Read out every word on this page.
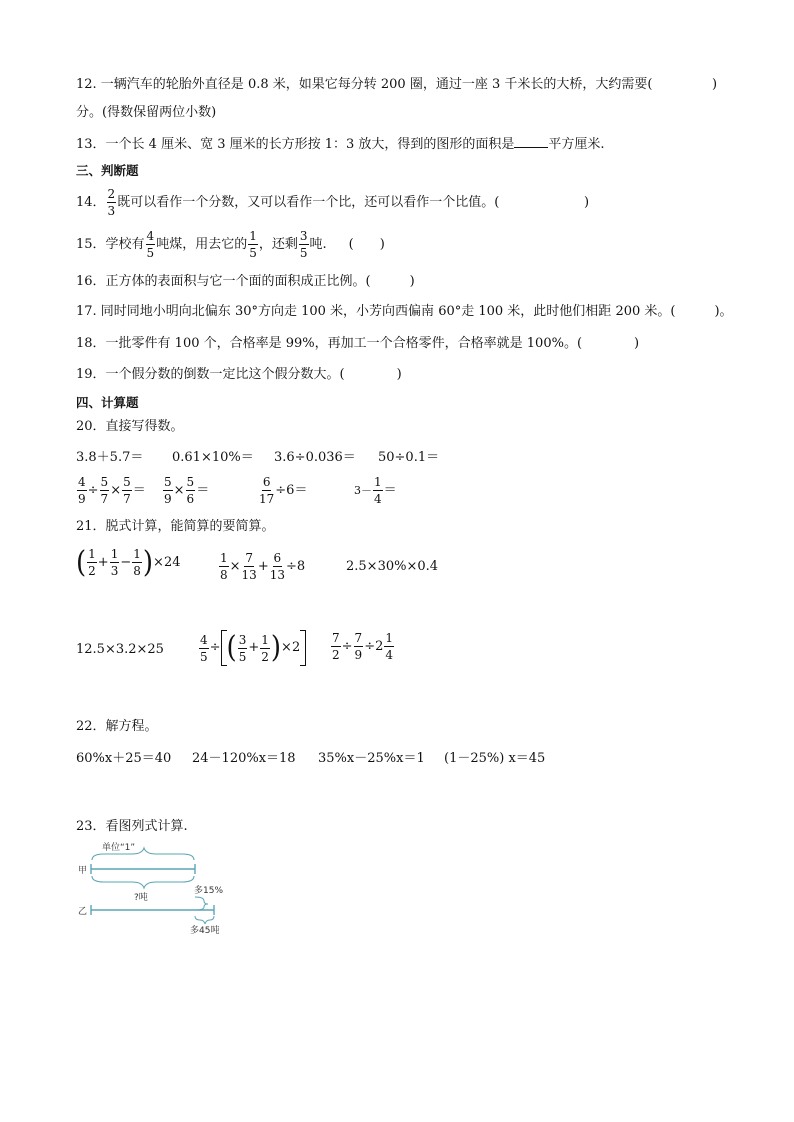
12. 一辆汽车的轮胎外直径是 0.8 米，如果它每分转 200 圈，通过一座 3 千米长的大桥，大约需要(	)
分。(得数保留两位小数)
13．一个长 4 厘米、宽 3 厘米的长方形按 1：3 放大，得到的图形的面积是	平方厘米.
三、判断题
14． $\frac{2}{3}$ 既可以看作一个分数，又可以看作一个比，还可以看作一个比值。(	)
15．学校有 $\frac{4}{5}$ 吨煤，用去它的 $\frac{1}{5}$ ，还剩 $\frac{3}{5}$ 吨. (　　)
16．正方体的表面积与它一个面的面积成正比例。(　　　)
17. 同时同地小明向北偏东 30°方向走 100 米，小芳向西偏南 60°走 100 米，此时他们相距 200 米。(　　　)。
18．一批零件有 100 个，合格率是 99%，再加工一个合格零件，合格率就是 100%。(　　　　)
19．一个假分数的倒数一定比这个假分数大。(　　　　)
四、计算题
20．直接写得数。
3.8＋5.7＝ 0.61×10%＝ 3.6÷0.036＝ 50÷0.1＝
$\frac{4}{9} \div \frac{5}{7} \times \frac{5}{7} = \frac{5}{9} \times \frac{5}{6}$ ＝	$\frac{6}{17} \div 6=$	3－
1
4
＝
21．脱式计算，能简算的要简算。
( 1
2
+ $\frac{1}{3} - \frac{1}{8}$ ) ×24	$\frac{1}{8} \times \frac{7}{13} + \frac{6}{13} \div 8$	2.5×30%×0.4
12.5×3.2×25	$\frac{4}{5}$ ÷ ( 3
5
+ $\frac{1}{2}$ ) ×2	$\frac{7}{2} \div \frac{7}{9} \div 2$
1
4
22．解方程。
60%x＋25＝40 24－120%x＝18 35%x－25%x＝1 (1－25%) x＝45
23．看图列式计算.
单位“1”
甲
?吨
多15%
乙
多45吨
